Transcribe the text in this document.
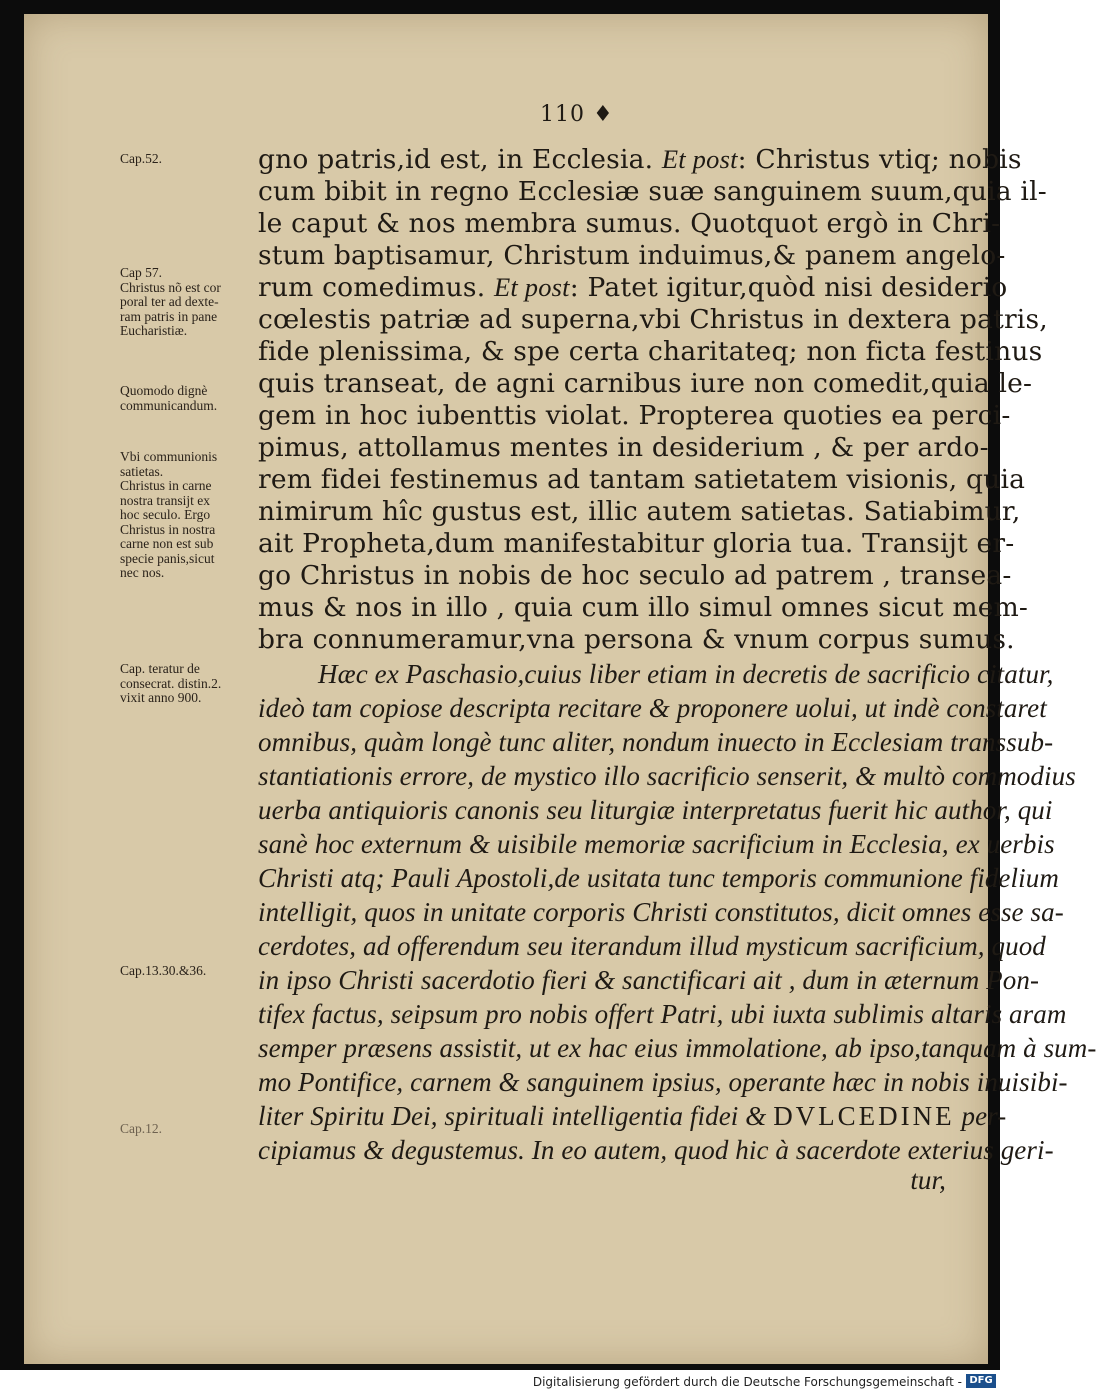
110 ♦
gno patris,id est, in Ecclesia. Et post: Christus vtiq; nobis
cum bibit in regno Ecclesiæ suæ sanguinem suum,quia il-
le caput & nos membra sumus. Quotquot ergò in Chri-
stum baptisamur, Christum induimus,& panem angelo-
rum comedimus. Et post: Patet igitur,quòd nisi desiderio
cœlestis patriæ ad superna,vbi Christus in dextera patris,
fide plenissima, & spe certa charitateq; non ficta festinus
quis transeat, de agni carnibus iure non comedit,quia le-
gem in hoc iubenttis violat. Propterea quoties ea perci-
pimus, attollamus mentes in desiderium , & per ardo-
rem fidei festinemus ad tantam satietatem visionis, quia
nimirum hîc gustus est, illic autem satietas. Satiabimur,
ait Propheta,dum manifestabitur gloria tua. Transijt er-
go Christus in nobis de hoc seculo ad patrem , transea-
mus & nos in illo , quia cum illo simul omnes sicut mem-
bra connumeramur,vna persona & vnum corpus sumus.
Hæc ex Paschasio,cuius liber etiam in decretis de sacrificio citatur,
ideò tam copiose descripta recitare & proponere uolui, ut indè constaret
omnibus, quàm longè tunc aliter, nondum inuecto in Ecclesiam transsub-
stantiationis errore, de mystico illo sacrificio senserit, & multò commodius
uerba antiquioris canonis seu liturgiæ interpretatus fuerit hic author, qui
sanè hoc externum & uisibile memoriæ sacrificium in Ecclesia, ex uerbis
Christi atq; Pauli Apostoli,de usitata tunc temporis communione fidelium
intelligit, quos in unitate corporis Christi constitutos, dicit omnes esse sa-
cerdotes, ad offerendum seu iterandum illud mysticum sacrificium, quod
in ipso Christi sacerdotio fieri & sanctificari ait , dum in æternum Pon-
tifex factus, seipsum pro nobis offert Patri, ubi iuxta sublimis altaris aram
semper præsens assistit, ut ex hac eius immolatione, ab ipso,tanquam à sum-
mo Pontifice, carnem & sanguinem ipsius, operante hæc in nobis inuisibi-
liter Spiritu Dei, spirituali intelligentia fidei & DVLCEDINE per-
cipiamus & degustemus. In eo autem, quod hic à sacerdote exterius geri-
tur,
Cap.52.
Cap 57.
Christus nõ est cor
poral ter ad dexte-
ram patris in pane
Eucharistiæ.
Quomodo dignè
communicandum.
Vbi communionis
satietas.
Christus in carne
nostra transijt ex
hoc seculo. Ergo
Christus in nostra
carne non est sub
specie panis,sicut
nec nos.
Cap. teratur de
consecrat. distin.2.
vixit anno 900.
Cap.13.30.&36.
Cap.12.
Digitalisierung gefördert durch die Deutsche Forschungsgemeinschaft - DFG
